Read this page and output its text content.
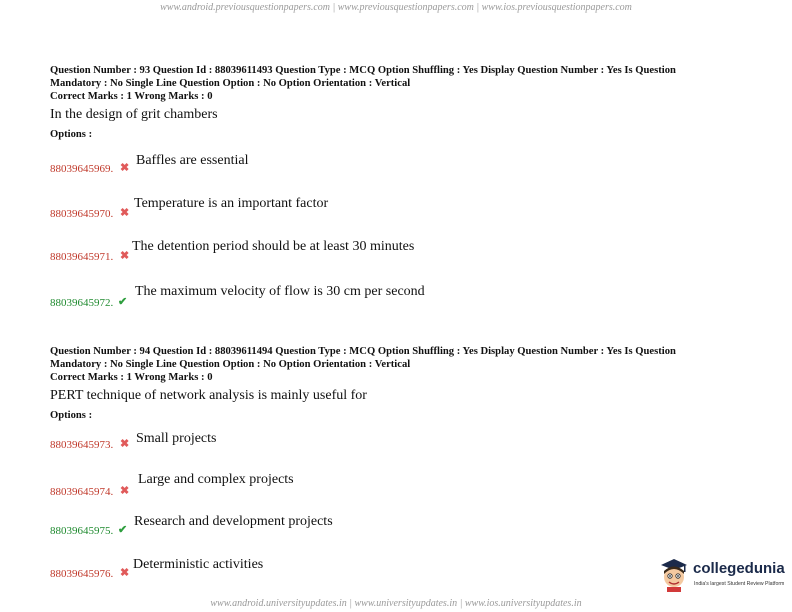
www.android.previousquestionpapers.com | www.previousquestionpapers.com | www.ios.previousquestionpapers.com
Question Number : 93 Question Id : 88039611493 Question Type : MCQ Option Shuffling : Yes Display Question Number : Yes Is Question
Mandatory : No Single Line Question Option : No Option Orientation : Vertical
Correct Marks : 1 Wrong Marks : 0
In the design of grit chambers
Options :
88039645969. ✖ Baffles are essential
88039645970. ✖
Temperature is an important factor
88039645971. ✖
The detention period should be at least 30 minutes
88039645972. ✔
The maximum velocity of flow is 30 cm per second
Question Number : 94 Question Id : 88039611494 Question Type : MCQ Option Shuffling : Yes Display Question Number : Yes Is Question
Mandatory : No Single Line Question Option : No Option Orientation : Vertical
Correct Marks : 1 Wrong Marks : 0
PERT technique of network analysis is mainly useful for
Options :
88039645973. ✖ Small projects
88039645974. ✖
Large and complex projects
88039645975. ✔
Research and development projects
88039645976. ✖
Deterministic activities	collegedunia
India's largest Student Review Platform
www.android.universityupdates.in | www.universityupdates.in | www.ios.universityupdates.in
